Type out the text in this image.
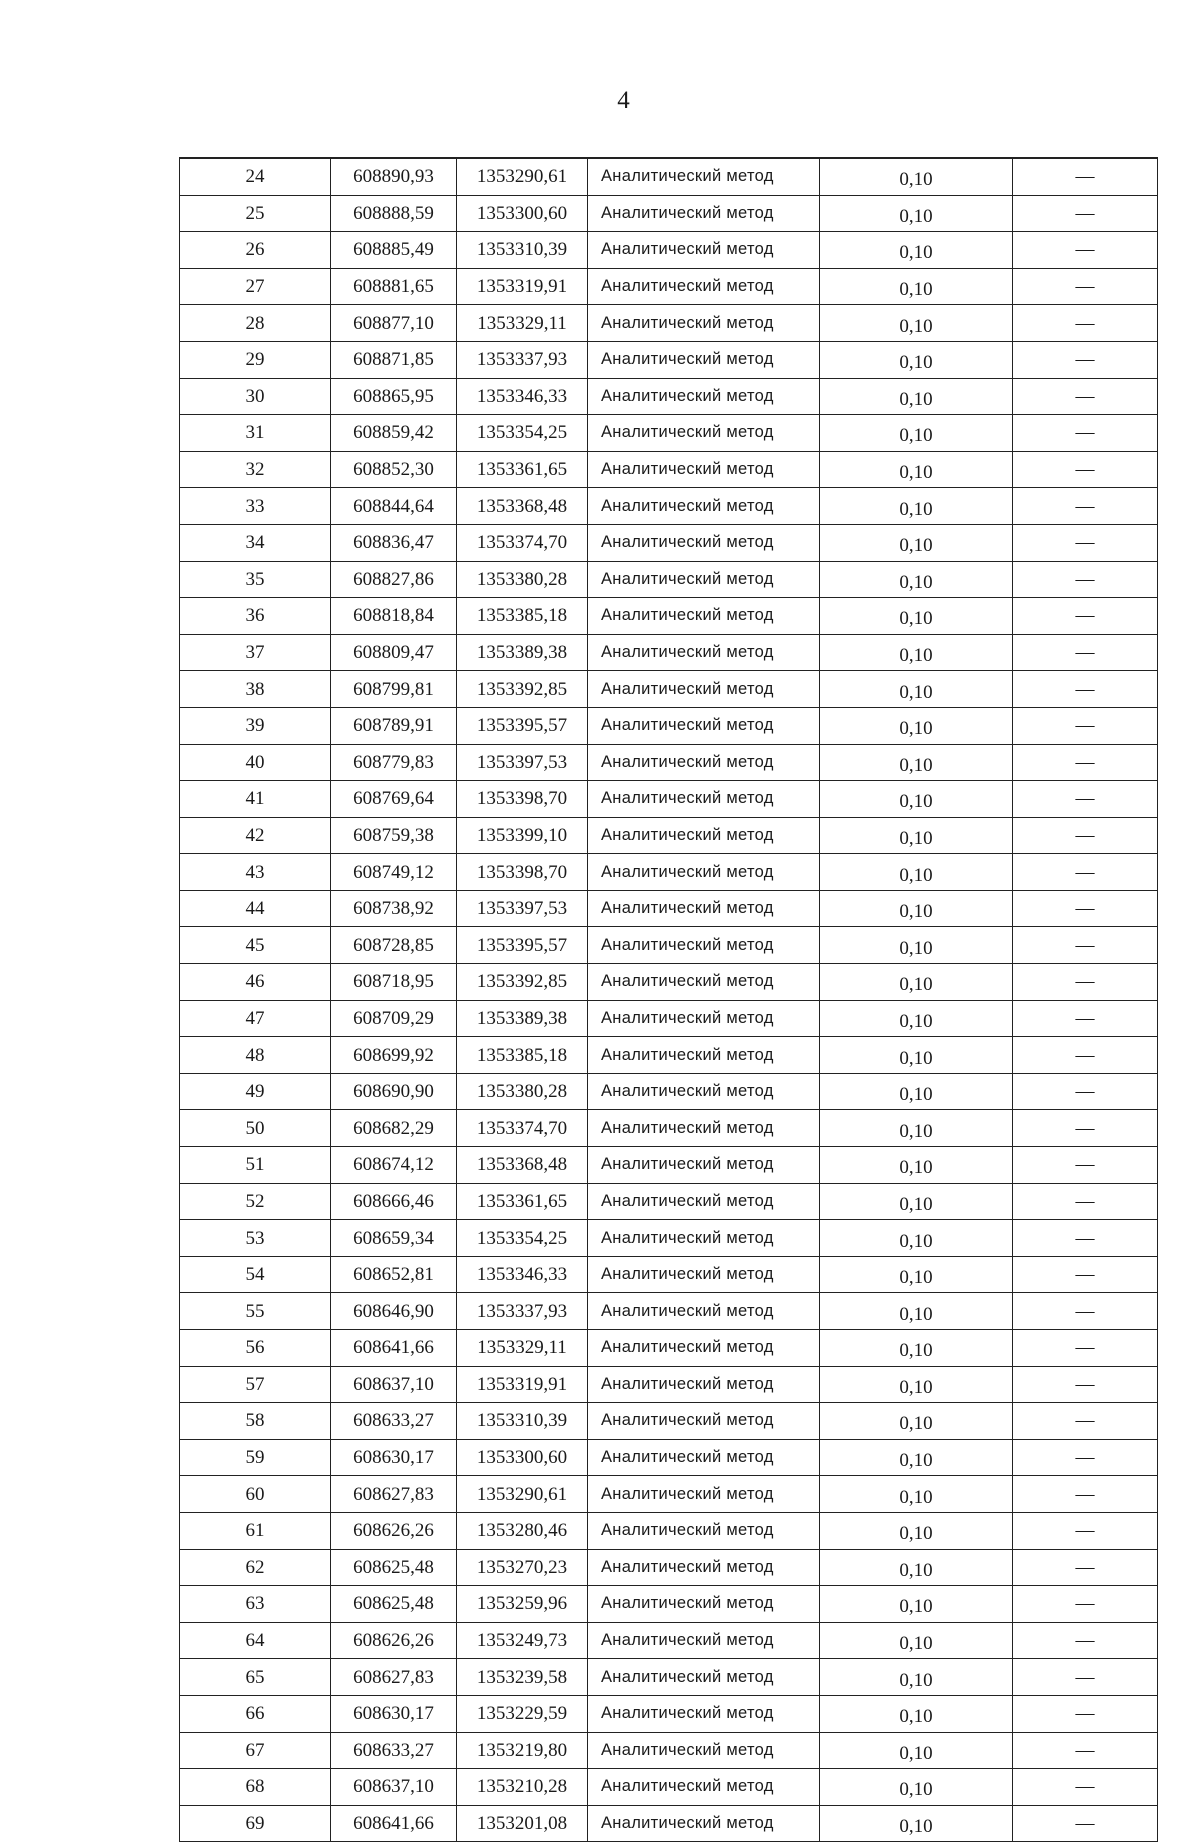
4
24	608890,93	1353290,61	Аналитический метод	0,10	—
25	608888,59	1353300,60	Аналитический метод	0,10	—
26	608885,49	1353310,39	Аналитический метод	0,10	—
27	608881,65	1353319,91	Аналитический метод	0,10	—
28	608877,10	1353329,11	Аналитический метод	0,10	—
29	608871,85	1353337,93	Аналитический метод	0,10	—
30	608865,95	1353346,33	Аналитический метод	0,10	—
31	608859,42	1353354,25	Аналитический метод	0,10	—
32	608852,30	1353361,65	Аналитический метод	0,10	—
33	608844,64	1353368,48	Аналитический метод	0,10	—
34	608836,47	1353374,70	Аналитический метод	0,10	—
35	608827,86	1353380,28	Аналитический метод	0,10	—
36	608818,84	1353385,18	Аналитический метод	0,10	—
37	608809,47	1353389,38	Аналитический метод	0,10	—
38	608799,81	1353392,85	Аналитический метод	0,10	—
39	608789,91	1353395,57	Аналитический метод	0,10	—
40	608779,83	1353397,53	Аналитический метод	0,10	—
41	608769,64	1353398,70	Аналитический метод	0,10	—
42	608759,38	1353399,10	Аналитический метод	0,10	—
43	608749,12	1353398,70	Аналитический метод	0,10	—
44	608738,92	1353397,53	Аналитический метод	0,10	—
45	608728,85	1353395,57	Аналитический метод	0,10	—
46	608718,95	1353392,85	Аналитический метод	0,10	—
47	608709,29	1353389,38	Аналитический метод	0,10	—
48	608699,92	1353385,18	Аналитический метод	0,10	—
49	608690,90	1353380,28	Аналитический метод	0,10	—
50	608682,29	1353374,70	Аналитический метод	0,10	—
51	608674,12	1353368,48	Аналитический метод	0,10	—
52	608666,46	1353361,65	Аналитический метод	0,10	—
53	608659,34	1353354,25	Аналитический метод	0,10	—
54	608652,81	1353346,33	Аналитический метод	0,10	—
55	608646,90	1353337,93	Аналитический метод	0,10	—
56	608641,66	1353329,11	Аналитический метод	0,10	—
57	608637,10	1353319,91	Аналитический метод	0,10	—
58	608633,27	1353310,39	Аналитический метод	0,10	—
59	608630,17	1353300,60	Аналитический метод	0,10	—
60	608627,83	1353290,61	Аналитический метод	0,10	—
61	608626,26	1353280,46	Аналитический метод	0,10	—
62	608625,48	1353270,23	Аналитический метод	0,10	—
63	608625,48	1353259,96	Аналитический метод	0,10	—
64	608626,26	1353249,73	Аналитический метод	0,10	—
65	608627,83	1353239,58	Аналитический метод	0,10	—
66	608630,17	1353229,59	Аналитический метод	0,10	—
67	608633,27	1353219,80	Аналитический метод	0,10	—
68	608637,10	1353210,28	Аналитический метод	0,10	—
69	608641,66	1353201,08	Аналитический метод	0,10	—
